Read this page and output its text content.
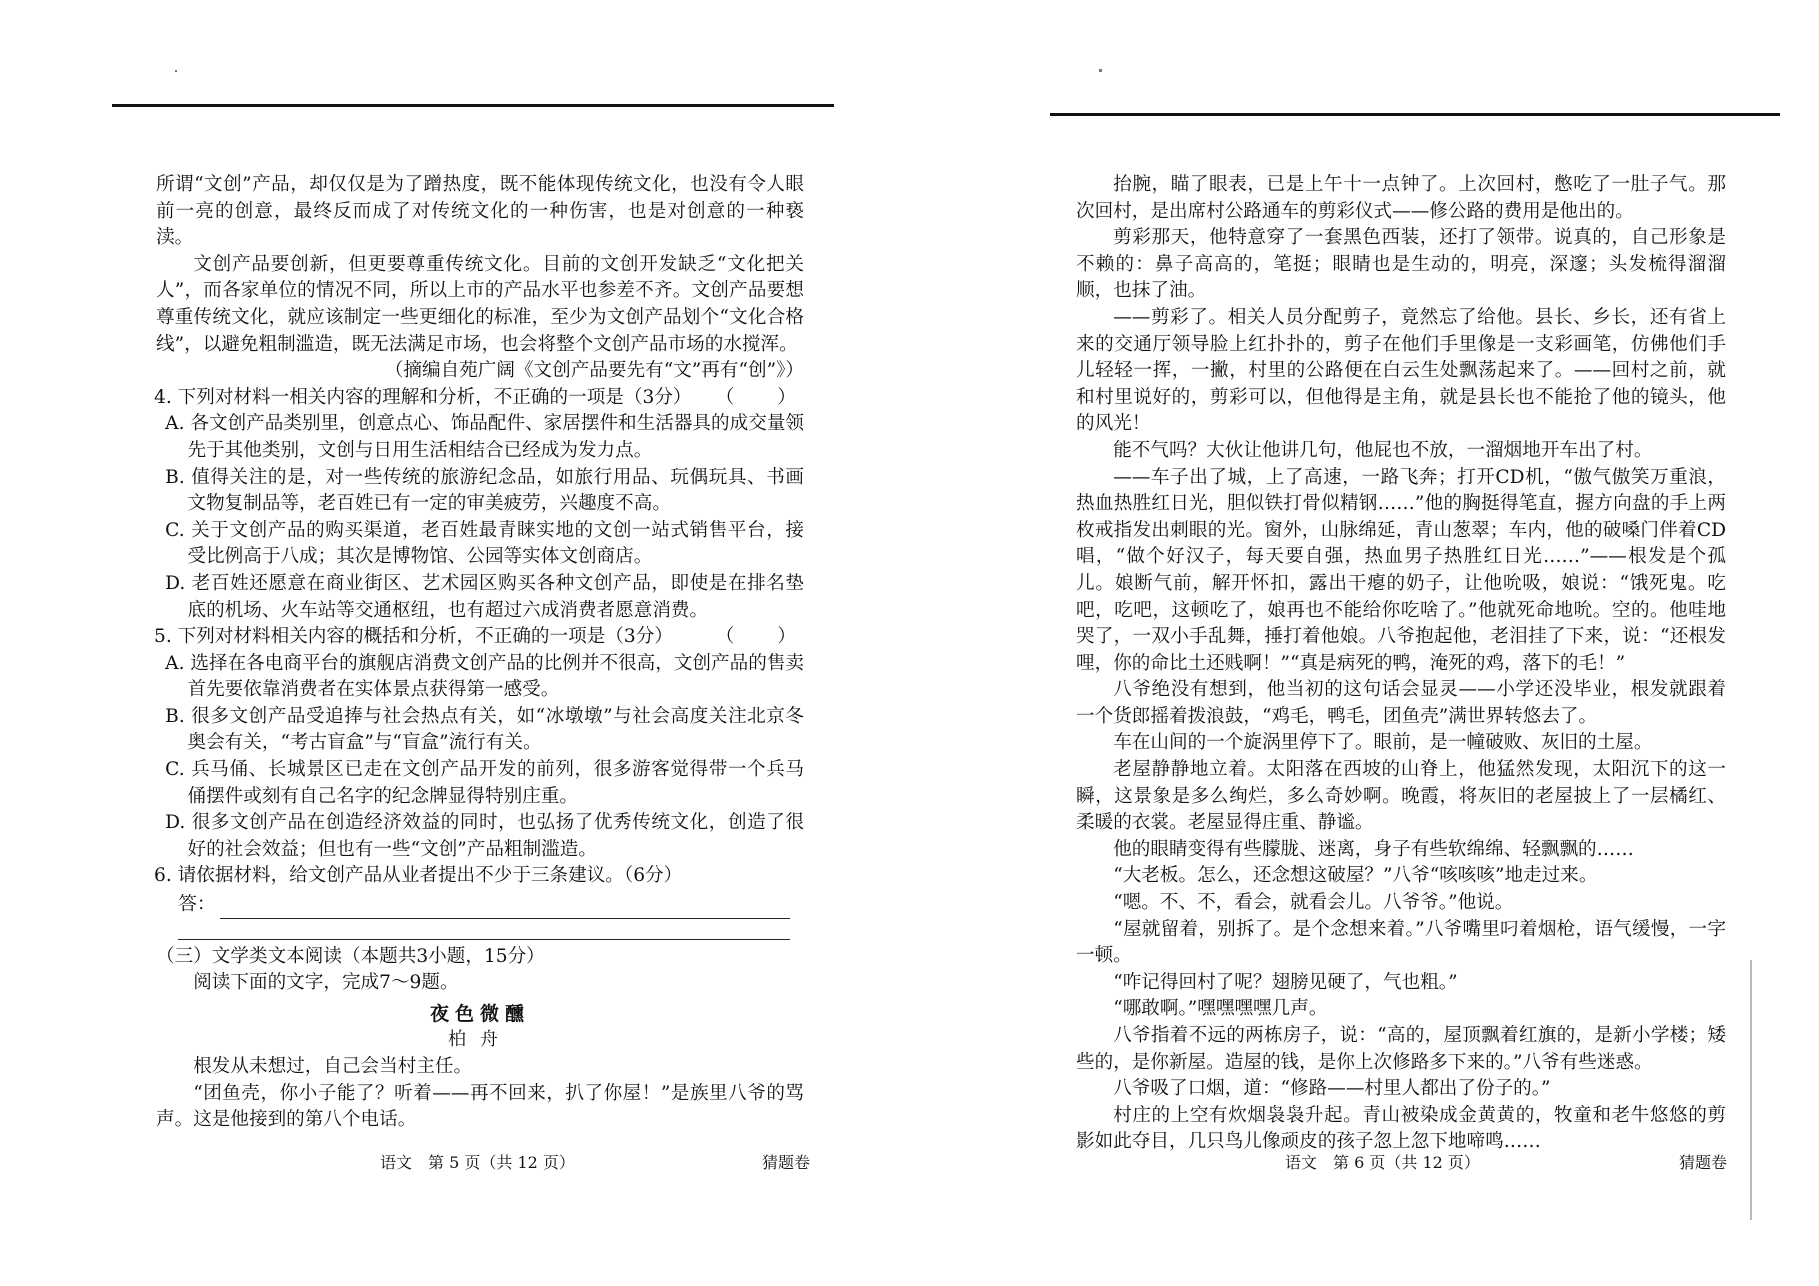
所谓“文创”产品，却仅仅是为了蹭热度，既不能体现传统文化，也没有令人眼前一亮的创意，最终反而成了对传统文化的一种伤害，也是对创意的一种亵渎。

文创产品要创新，但更要尊重传统文化。目前的文创开发缺乏“文化把关人”，而各家单位的情况不同，所以上市的产品水平也参差不齐。文创产品要想尊重传统文化，就应该制定一些更细化的标准，至少为文创产品划个“文化合格线”，以避免粗制滥造，既无法满足市场，也会将整个文创产品市场的水搅浑。

（摘编自苑广阔《文创产品要先有“文”再有“创”》）

4. 下列对材料一相关内容的理解和分析，不正确的一项是（3分） （　　）

A. 各文创产品类别里，创意点心、饰品配件、家居摆件和生活器具的成交量领先于其他类别，文创与日用生活相结合已经成为发力点。

B. 值得关注的是，对一些传统的旅游纪念品，如旅行用品、玩偶玩具、书画文物复制品等，老百姓已有一定的审美疲劳，兴趣度不高。

C. 关于文创产品的购买渠道，老百姓最青睐实地的文创一站式销售平台，接受比例高于八成；其次是博物馆、公园等实体文创商店。

D. 老百姓还愿意在商业街区、艺术园区购买各种文创产品，即使是在排名垫底的机场、火车站等交通枢纽，也有超过六成消费者愿意消费。

5. 下列对材料相关内容的概括和分析，不正确的一项是（3分） （　　）

A. 选择在各电商平台的旗舰店消费文创产品的比例并不很高，文创产品的售卖首先要依靠消费者在实体景点获得第一感受。

B. 很多文创产品受追捧与社会热点有关，如“冰墩墩”与社会高度关注北京冬奥会有关，“考古盲盒”与“盲盒”流行有关。

C. 兵马俑、长城景区已走在文创产品开发的前列，很多游客觉得带一个兵马俑摆件或刻有自己名字的纪念牌显得特别庄重。

D. 很多文创产品在创造经济效益的同时，也弘扬了优秀传统文化，创造了很好的社会效益；但也有一些“文创”产品粗制滥造。

6. 请依据材料，给文创产品从业者提出不少于三条建议。（6分）

答：

（三）文学类文本阅读（本题共3小题，15分）

阅读下面的文字，完成7～9题。

夜色微醺
柏舟

根发从未想过，自己会当村主任。

“团鱼壳，你小子能了？听着——再不回来，扒了你屋！”是族里八爷的骂声。这是他接到的第八个电话。

语文　第 5 页（共 12 页）	猜题卷

抬腕，瞄了眼表，已是上午十一点钟了。上次回村，憋吃了一肚子气。那次回村，是出席村公路通车的剪彩仪式——修公路的费用是他出的。

剪彩那天，他特意穿了一套黑色西装，还打了领带。说真的，自己形象是不赖的：鼻子高高的，笔挺；眼睛也是生动的，明亮，深邃；头发梳得溜溜顺，也抹了油。

——剪彩了。相关人员分配剪子，竟然忘了给他。县长、乡长，还有省上来的交通厅领导脸上红扑扑的，剪子在他们手里像是一支彩画笔，仿佛他们手儿轻轻一挥，一撇，村里的公路便在白云生处飘荡起来了。——回村之前，就和村里说好的，剪彩可以，但他得是主角，就是县长也不能抢了他的镜头，他的风光！

能不气吗？大伙让他讲几句，他屁也不放，一溜烟地开车出了村。

——车子出了城，上了高速，一路飞奔；打开CD机，“傲气傲笑万重浪，热血热胜红日光，胆似铁打骨似精钢……”他的胸挺得笔直，握方向盘的手上两枚戒指发出刺眼的光。窗外，山脉绵延，青山葱翠；车内，他的破嗓门伴着CD唱，“做个好汉子，每天要自强，热血男子热胜红日光……”——根发是个孤儿。娘断气前，解开怀扣，露出干瘪的奶子，让他吮吸，娘说：“饿死鬼。吃吧，吃吧，这顿吃了，娘再也不能给你吃啥了。”他就死命地吮。空的。他哇地哭了，一双小手乱舞，捶打着他娘。八爷抱起他，老泪挂了下来，说：“还根发哩，你的命比土还贱啊！”“真是病死的鸭，淹死的鸡，落下的毛！”

八爷绝没有想到，他当初的这句话会显灵——小学还没毕业，根发就跟着一个货郎摇着拨浪鼓，“鸡毛，鸭毛，团鱼壳”满世界转悠去了。

车在山间的一个旋涡里停下了。眼前，是一幢破败、灰旧的土屋。

老屋静静地立着。太阳落在西坡的山脊上，他猛然发现，太阳沉下的这一瞬，这景象是多么绚烂，多么奇妙啊。晚霞，将灰旧的老屋披上了一层橘红、柔暖的衣裳。老屋显得庄重、静谧。

他的眼睛变得有些朦胧、迷离，身子有些软绵绵、轻飘飘的……

“大老板。怎么，还念想这破屋？”八爷“咳咳咳”地走过来。

“嗯。不、不，看会，就看会儿。八爷爷。”他说。

“屋就留着，别拆了。是个念想来着。”八爷嘴里叼着烟枪，语气缓慢，一字一顿。

“咋记得回村了呢？翅膀见硬了，气也粗。”

“哪敢啊。”嘿嘿嘿嘿几声。

八爷指着不远的两栋房子，说：“高的，屋顶飘着红旗的，是新小学楼；矮些的，是你新屋。造屋的钱，是你上次修路多下来的。”八爷有些迷惑。

八爷吸了口烟，道：“修路——村里人都出了份子的。”

村庄的上空有炊烟袅袅升起。青山被染成金黄黄的，牧童和老牛悠悠的剪影如此夺目，几只鸟儿像顽皮的孩子忽上忽下地啼鸣……

语文　第 6 页（共 12 页）	猜题卷
